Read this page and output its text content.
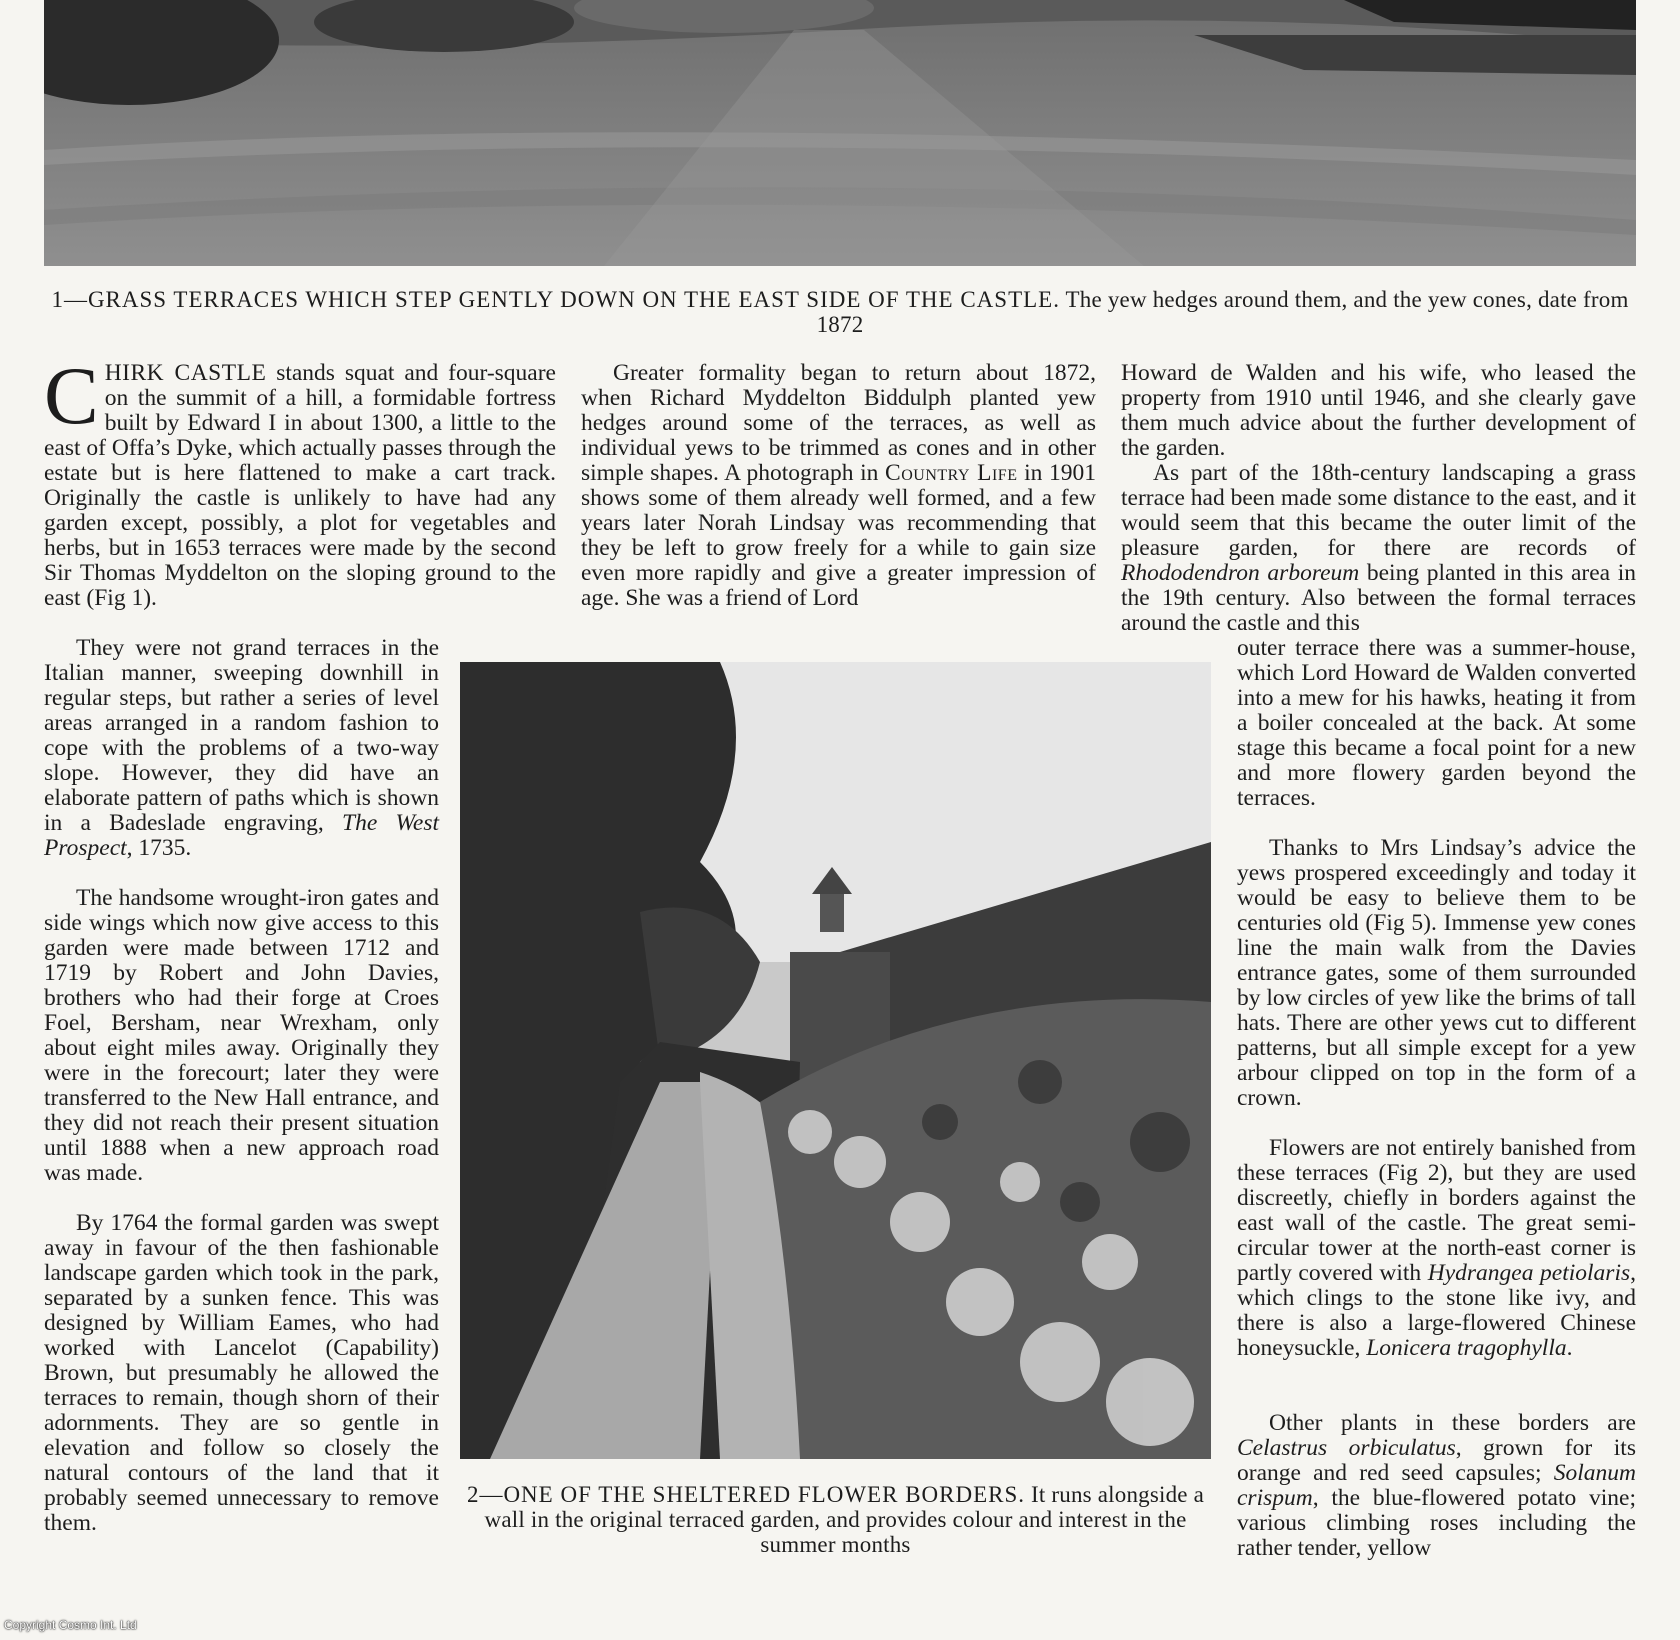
1—GRASS TERRACES WHICH STEP GENTLY DOWN ON THE EAST SIDE OF THE CASTLE. The yew hedges around them, and the yew cones, date from 1872

CHIRK CASTLE stands squat and four-square on the summit of a hill, a formidable fortress built by Edward I in about 1300, a little to the east of Offa’s Dyke, which actually passes through the estate but is here flattened to make a cart track. Originally the castle is unlikely to have had any garden except, possibly, a plot for vegetables and herbs, but in 1653 terraces were made by the second Sir Thomas Myddelton on the sloping ground to the east (Fig 1).

They were not grand terraces in the Italian manner, sweeping downhill in regular steps, but rather a series of level areas arranged in a random fashion to cope with the problems of a two-way slope. However, they did have an elaborate pattern of paths which is shown in a Badeslade engraving, The West Prospect, 1735.

The handsome wrought-iron gates and side wings which now give access to this garden were made between 1712 and 1719 by Robert and John Davies, brothers who had their forge at Croes Foel, Bersham, near Wrexham, only about eight miles away. Originally they were in the forecourt; later they were transferred to the New Hall entrance, and they did not reach their present situation until 1888 when a new approach road was made.

By 1764 the formal garden was swept away in favour of the then fashionable landscape garden which took in the park, separated by a sunken fence. This was designed by William Eames, who had worked with Lancelot (Capability) Brown, but presumably he allowed the terraces to remain, though shorn of their adornments. They are so gentle in elevation and follow so closely the natural contours of the land that it probably seemed unnecessary to remove them.

Greater formality began to return about 1872, when Richard Myddelton Biddulph planted yew hedges around some of the terraces, as well as individual yews to be trimmed as cones and in other simple shapes. A photograph in Country Life in 1901 shows some of them already well formed, and a few years later Norah Lindsay was recommending that they be left to grow freely for a while to gain size even more rapidly and give a greater impression of age. She was a friend of Lord

2—ONE OF THE SHELTERED FLOWER BORDERS. It runs alongside a wall in the original terraced garden, and provides colour and interest in the summer months

Howard de Walden and his wife, who leased the property from 1910 until 1946, and she clearly gave them much advice about the further development of the garden.

As part of the 18th-century landscaping a grass terrace had been made some distance to the east, and it would seem that this became the outer limit of the pleasure garden, for there are records of Rhododendron arboreum being planted in this area in the 19th century. Also between the formal terraces around the castle and this

outer terrace there was a summer-house, which Lord Howard de Walden converted into a mew for his hawks, heating it from a boiler concealed at the back. At some stage this became a focal point for a new and more flowery garden beyond the terraces.

Thanks to Mrs Lindsay’s advice the yews prospered exceedingly and today it would be easy to believe them to be centuries old (Fig 5). Immense yew cones line the main walk from the Davies entrance gates, some of them surrounded by low circles of yew like the brims of tall hats. There are other yews cut to different patterns, but all simple except for a yew arbour clipped on top in the form of a crown.

Flowers are not entirely banished from these terraces (Fig 2), but they are used discreetly, chiefly in borders against the east wall of the castle. The great semi-circular tower at the north-east corner is partly covered with Hydrangea petiolaris, which clings to the stone like ivy, and there is also a large-flowered Chinese honeysuckle, Lonicera tragophylla.

Other plants in these borders are Celastrus orbiculatus, grown for its orange and red seed capsules; Solanum crispum, the blue-flowered potato vine; various climbing roses including the rather tender, yellow

Copyright Cosmo Int. Ltd
